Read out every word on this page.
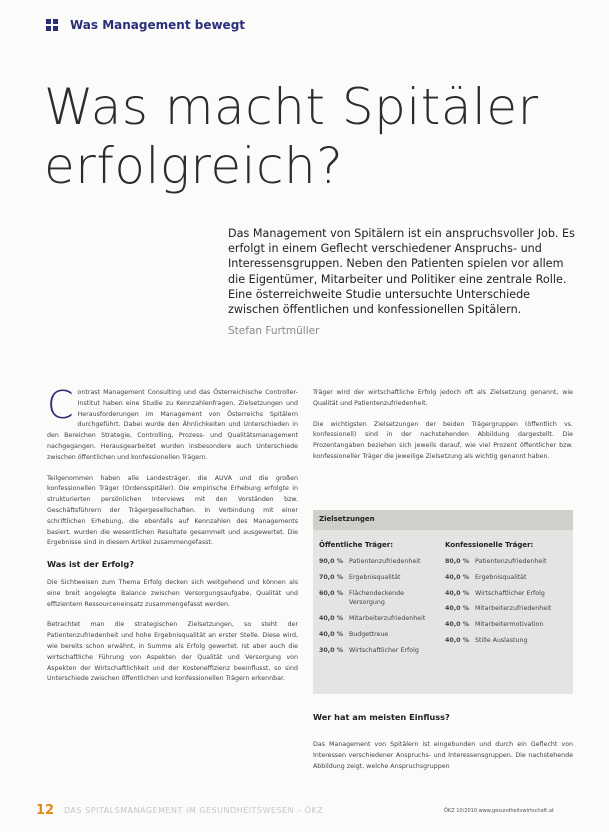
Was Management bewegt
Was macht Spitäler
erfolgreich?
Das Management von Spitälern ist ein anspruchsvoller Job. Es erfolgt in einem Geflecht verschiedener Anspruchs- und Interessensgruppen. Neben den Patienten spielen vor allem die Eigentümer, Mitarbeiter und Politiker eine zentrale Rolle. Eine österreichweite Studie untersuchte Unterschiede zwischen öffentlichen und konfessionellen Spitälern.
Stefan Furtmüller

Contrast Management Consulting und das Österreichische Controller-Institut haben eine Studie zu Kennzahlenfragen, Zielsetzungen und Herausforderungen im Management von Österreichs Spitälern durchgeführt. Dabei wurde den Ähnlichkeiten und Unterschieden in den Bereichen Strategie, Controlling, Prozess- und Qualitätsmanagement nachgegangen. Herausgearbeitet wurden insbesondere auch Unterschiede zwischen öffentlichen und konfessionellen Trägern.

Teilgenommen haben alle Landesträger, die AUVA und die großen konfessionellen Träger (Ordensspitäler). Die empirische Erhebung erfolgte in strukturierten persönlichen Interviews mit den Vorständen bzw. Geschäftsführern der Trägergesellschaften. In Verbindung mit einer schriftlichen Erhebung, die ebenfalls auf Kennzahlen des Managements basiert, wurden die wesentlichen Resultate gesammelt und ausgewertet. Die Ergebnisse sind in diesem Artikel zusammengefasst.

Was ist der Erfolg?

Die Sichtweisen zum Thema Erfolg decken sich weitgehend und können als eine breit angelegte Balance zwischen Versorgungsaufgabe, Qualität und effizientem Ressourceneinsatz zusammengefasst werden.

Betrachtet man die strategischen Zielsetzungen, so steht der Patientenzufriedenheit und hohe Ergebnisqualität an erster Stelle. Diese wird, wie bereits schon erwähnt, in Summe als Erfolg gewertet. Ist aber auch die wirtschaftliche Führung von Aspekten der Qualität und Versorgung von Aspekten der Wirtschaftlichkeit und der Kosteneffizienz beeinflusst, so sind Unterschiede zwischen öffentlichen und konfessionellen Trägern erkennbar.

Träger wird der wirtschaftliche Erfolg jedoch oft als Zielsetzung genannt, wie Qualität und Patientenzufriedenheit.

Die wichtigsten Zielsetzungen der beiden Trägergruppen (öffentlich vs. konfessionell) sind in der nachstehenden Abbildung dargestellt. Die Prozentangaben beziehen sich jeweils darauf, wie viel Prozent öffentlicher bzw. konfessioneller Träger die jeweilige Zielsetzung als wichtig genannt haben.

Zielsetzungen
Öffentliche Träger:	Konfessionelle Träger:
90,0 % Patientenzufriedenheit
70,0 % Ergebnisqualität
60,0 % Flächendeckende Versorgung
40,0 % Mitarbeiterzufriedenheit
40,0 % Budgettreue
30,0 % Wirtschaftlicher Erfolg
80,0 % Patientenzufriedenheit
40,0 % Ergebnisqualität
40,0 % Wirtschaftlicher Erfolg
40,0 % Mitarbeiterzufriedenheit
40,0 % Mitarbeitermotivation
40,0 % Stille Auslastung
Wer hat am meisten Einfluss?
Das Management von Spitälern ist eingebunden und durch ein Geflecht von Interessen verschiedener Anspruchs- und Interessensgruppen. Die nachstehende Abbildung zeigt, welche Anspruchsgruppen
12 DAS SPITALSMANAGEMENT IM GESUNDHEITSWESEN – ÖKZ	ÖKZ 10/2010 www.gesundheitswirtschaft.at
